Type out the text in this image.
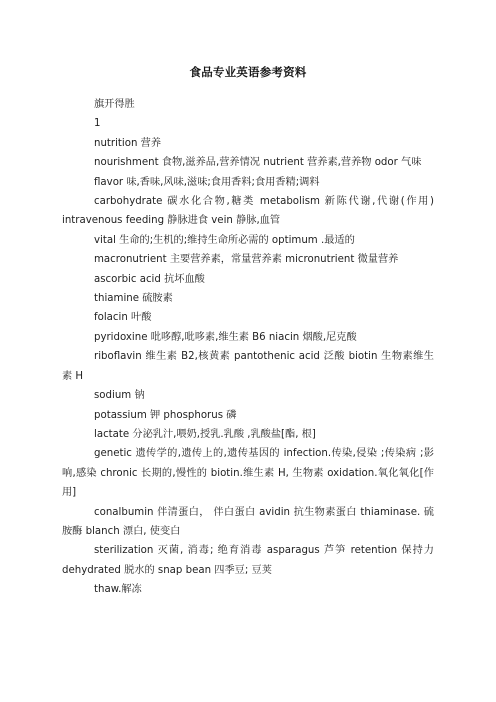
食品专业英语参考资料

旗开得胜

1

nutrition 营养

nourishment 食物,滋养品,营养情况 nutrient 营养素,营养物 odor 气味

flavor 味,香味,风味,滋味;食用香料;食用香精;调料

carbohydrate 碳水化合物,糖类 metabolism 新陈代谢,代谢(作用) intravenous feeding 静脉进食 vein 静脉,血管

vital 生命的;生机的;维持生命所必需的 optimum .最适的

macronutrient 主要营养素，常量营养素 micronutrient 微量营养

ascorbic acid 抗坏血酸

thiamine 硫胺素

folacin 叶酸

pyridoxine 吡哆醇,吡哆素,维生素 B6 niacin 烟酸,尼克酸

riboflavin 维生素 B2,核黄素 pantothenic acid 泛酸 biotin 生物素维生素 H

sodium 钠

potassium 钾 phosphorus 磷

lactate 分泌乳汁,喂奶,授乳.乳酸 ,乳酸盐[酯, 根]

genetic 遗传学的,遗传上的,遗传基因的 infection.传染,侵染 ;传染病 ;影响,感染 chronic 长期的,慢性的 biotin.维生素 H, 生物素 oxidation.氧化氧化[作用]

conalbumin 伴清蛋白， 伴白蛋白 avidin 抗生物素蛋白 thiaminase. 硫胺酶 blanch 漂白, 使变白

sterilization 灭菌, 消毒; 绝育消毒 asparagus 芦笋 retention 保持力 dehydrated 脱水的 snap bean 四季豆; 豆荚

thaw.解冻
